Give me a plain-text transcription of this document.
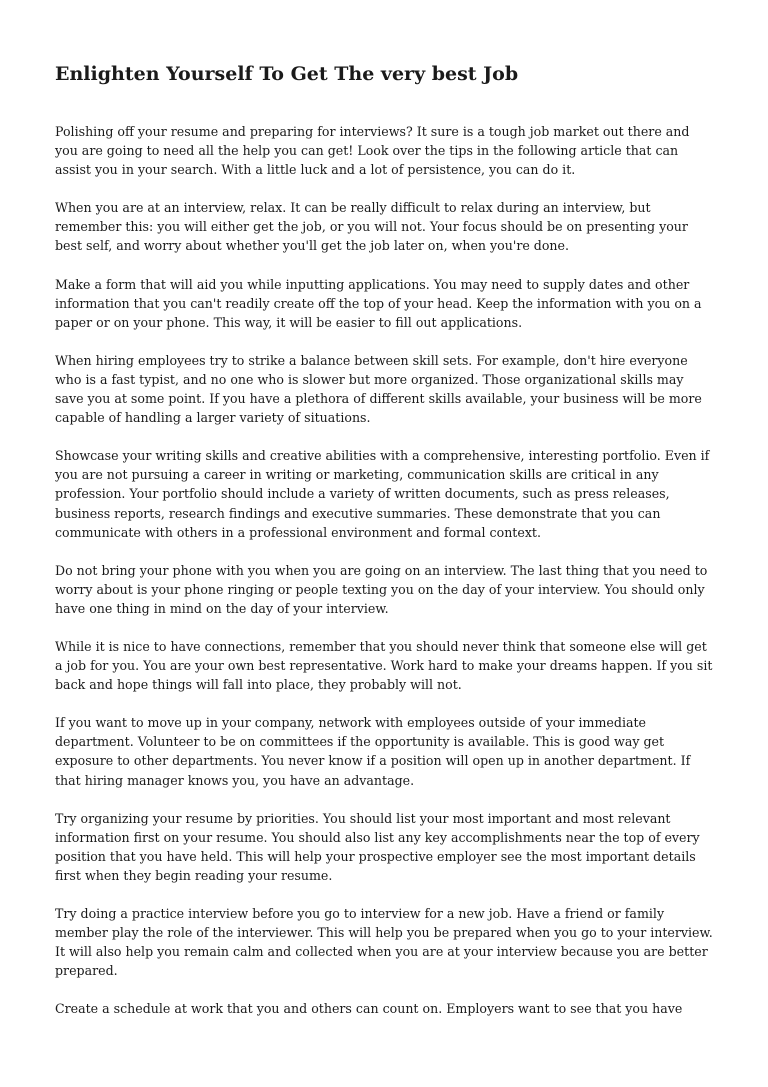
Enlighten Yourself To Get The very best Job

Polishing off your resume and preparing for interviews? It sure is a tough job market out there and you are going to need all the help you can get! Look over the tips in the following article that can assist you in your search. With a little luck and a lot of persistence, you can do it.

When you are at an interview, relax. It can be really difficult to relax during an interview, but remember this: you will either get the job, or you will not. Your focus should be on presenting your best self, and worry about whether you'll get the job later on, when you're done.

Make a form that will aid you while inputting applications. You may need to supply dates and other information that you can't readily create off the top of your head. Keep the information with you on a paper or on your phone. This way, it will be easier to fill out applications.

When hiring employees try to strike a balance between skill sets. For example, don't hire everyone who is a fast typist, and no one who is slower but more organized. Those organizational skills may save you at some point. If you have a plethora of different skills available, your business will be more capable of handling a larger variety of situations.

Showcase your writing skills and creative abilities with a comprehensive, interesting portfolio. Even if you are not pursuing a career in writing or marketing, communication skills are critical in any profession. Your portfolio should include a variety of written documents, such as press releases, business reports, research findings and executive summaries. These demonstrate that you can communicate with others in a professional environment and formal context.

Do not bring your phone with you when you are going on an interview. The last thing that you need to worry about is your phone ringing or people texting you on the day of your interview. You should only have one thing in mind on the day of your interview.

While it is nice to have connections, remember that you should never think that someone else will get a job for you. You are your own best representative. Work hard to make your dreams happen. If you sit back and hope things will fall into place, they probably will not.

If you want to move up in your company, network with employees outside of your immediate department. Volunteer to be on committees if the opportunity is available. This is good way get exposure to other departments. You never know if a position will open up in another department. If that hiring manager knows you, you have an advantage.

Try organizing your resume by priorities. You should list your most important and most relevant information first on your resume. You should also list any key accomplishments near the top of every position that you have held. This will help your prospective employer see the most important details first when they begin reading your resume.

Try doing a practice interview before you go to interview for a new job. Have a friend or family member play the role of the interviewer. This will help you be prepared when you go to your interview. It will also help you remain calm and collected when you are at your interview because you are better prepared.

Create a schedule at work that you and others can count on. Employers want to see that you have
